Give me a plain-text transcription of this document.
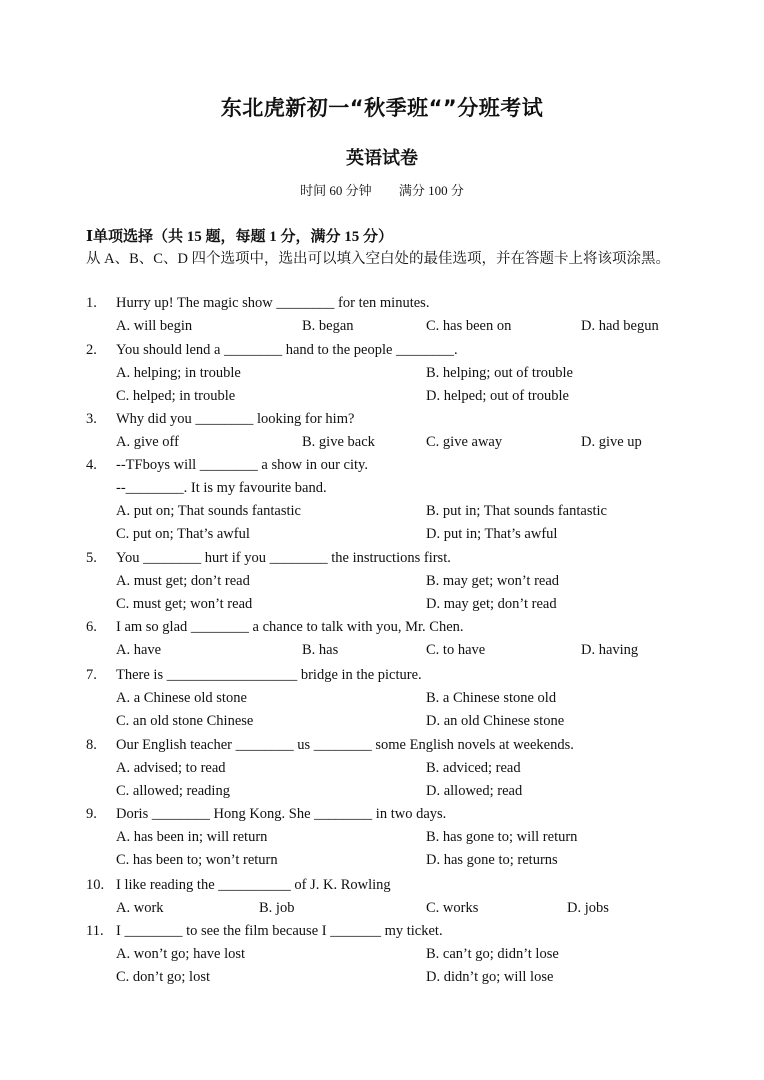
东北虎新初一“秋季班“”分班考试
英语试卷
时间 60 分钟 满分 100 分
Ⅰ单项选择（共 15 题，每题 1 分，满分 15 分）
从 A、B、C、D 四个选项中，选出可以填入空白处的最佳选项，并在答题卡上将该项涂黑。
1. Hurry up! The magic show ________ for ten minutes.
A. will begin	B. began	C. has been on	D. had begun
2. You should lend a ________ hand to the people ________.
A. helping; in trouble	B. helping; out of trouble
C. helped; in trouble	D. helped; out of trouble
3. Why did you ________ looking for him?
A. give off	B. give back	C. give away	D. give up
4. --TFboys will ________ a show in our city.
--________. It is my favourite band.
A. put on; That sounds fantastic	B. put in; That sounds fantastic
C. put on; That’s awful	D. put in; That’s awful
5. You ________ hurt if you ________ the instructions first.
A. must get; don’t read	B. may get; won’t read
C. must get; won’t read	D. may get; don’t read
6. I am so glad ________ a chance to talk with you, Mr. Chen.
A. have	B. has	C. to have	D. having
7. There is __________________ bridge in the picture.
A. a Chinese old stone	B. a Chinese stone old
C. an old stone Chinese	D. an old Chinese stone
8. Our English teacher ________ us ________ some English novels at weekends.
A. advised; to read	B. adviced; read
C. allowed; reading	D. allowed; read
9. Doris ________ Hong Kong. She ________ in two days.
A. has been in; will return	B. has gone to; will return
C. has been to; won’t return	D. has gone to; returns
10. I like reading the __________ of J. K. Rowling
A. work	B. job	C. works	D. jobs
11. I ________ to see the film because I _______ my ticket.
A. won’t go; have lost	B. can’t go; didn’t lose
C. don’t go; lost	D. didn’t go; will lose
